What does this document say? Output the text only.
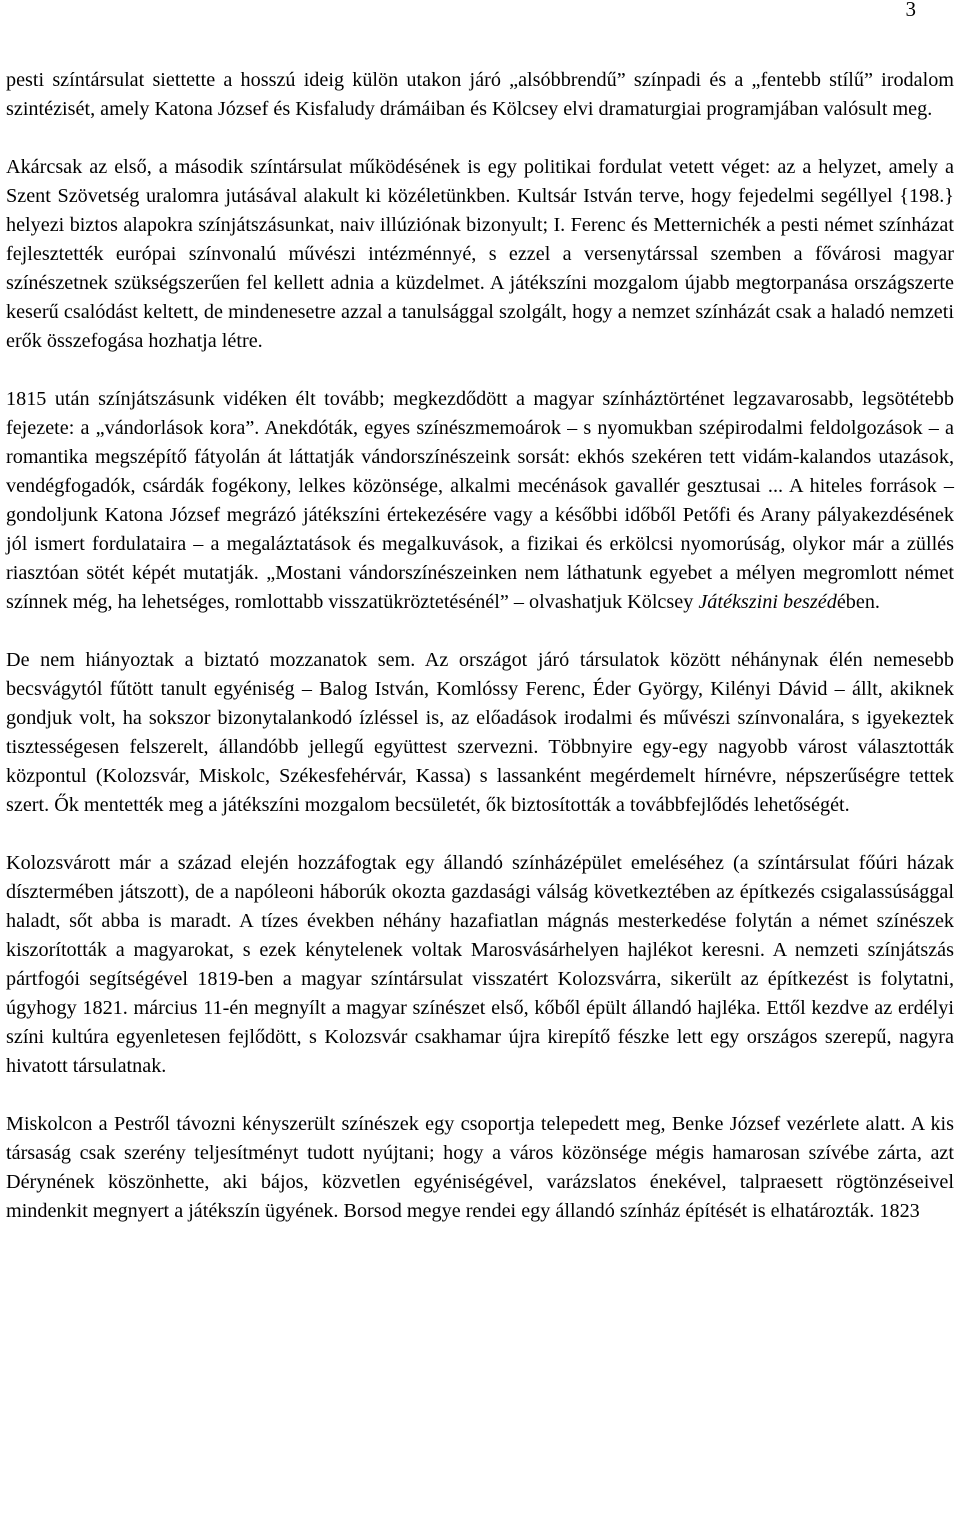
3

pesti színtársulat siettette a hosszú ideig külön utakon járó „alsóbbrendű” színpadi és a „fentebb stílű” irodalom szintézisét, amely Katona József és Kisfaludy drámáiban és Kölcsey elvi dramaturgiai programjában valósult meg.

Akárcsak az első, a második színtársulat működésének is egy politikai fordulat vetett véget: az a helyzet, amely a Szent Szövetség uralomra jutásával alakult ki közéletünkben. Kultsár István terve, hogy fejedelmi segéllyel {198.} helyezi biztos alapokra színjátszásunkat, naiv illúziónak bizonyult; I. Ferenc és Metternichék a pesti német színházat fejlesztették európai színvonalú művészi intézménnyé, s ezzel a versenytárssal szemben a fővárosi magyar színészetnek szükségszerűen fel kellett adnia a küzdelmet. A játékszíni mozgalom újabb megtorpanása országszerte keserű csalódást keltett, de mindenesetre azzal a tanulsággal szolgált, hogy a nemzet színházát csak a haladó nemzeti erők összefogása hozhatja létre.

1815 után színjátszásunk vidéken élt tovább; megkezdődött a magyar színháztörténet legzavarosabb, legsötétebb fejezete: a „vándorlások kora”. Anekdóták, egyes színészmemoárok – s nyomukban szépirodalmi feldolgozások – a romantika megszépítő fátyolán át láttatják vándorszínészeink sorsát: ekhós szekéren tett vidám-kalandos utazások, vendégfogadók, csárdák fogékony, lelkes közönsége, alkalmi mecénások gavallér gesztusai ... A hiteles források – gondoljunk Katona József megrázó játékszíni értekezésére vagy a későbbi időből Petőfi és Arany pályakezdésének jól ismert fordulataira – a megaláztatások és megalkuvások, a fizikai és erkölcsi nyomorúság, olykor már a züllés riasztóan sötét képét mutatják. „Mostani vándorszínészeinken nem láthatunk egyebet a mélyen megromlott német színnek még, ha lehetséges, romlottabb visszatükröztetésénél” – olvashatjuk Kölcsey Játékszini beszédében.

De nem hiányoztak a biztató mozzanatok sem. Az országot járó társulatok között néhánynak élén nemesebb becsvágytól fűtött tanult egyéniség – Balog István, Komlóssy Ferenc, Éder György, Kilényi Dávid – állt, akiknek gondjuk volt, ha sokszor bizonytalankodó ízléssel is, az előadások irodalmi és művészi színvonalára, s igyekeztek tisztességesen felszerelt, állandóbb jellegű együttest szervezni. Többnyire egy-egy nagyobb várost választották központul (Kolozsvár, Miskolc, Székesfehérvár, Kassa) s lassanként megérdemelt hírnévre, népszerűségre tettek szert. Ők mentették meg a játékszíni mozgalom becsületét, ők biztosították a továbbfejlődés lehetőségét.

Kolozsvárott már a század elején hozzáfogtak egy állandó színházépület emeléséhez (a színtársulat főúri házak dísztermében játszott), de a napóleoni háborúk okozta gazdasági válság következtében az építkezés csigalassúsággal haladt, sőt abba is maradt. A tízes években néhány hazafiatlan mágnás mesterkedése folytán a német színészek kiszorították a magyarokat, s ezek kénytelenek voltak Marosvásárhelyen hajlékot keresni. A nemzeti színjátszás pártfogói segítségével 1819-ben a magyar színtársulat visszatért Kolozsvárra, sikerült az építkezést is folytatni, úgyhogy 1821. március 11-én megnyílt a magyar színészet első, kőből épült állandó hajléka. Ettől kezdve az erdélyi színi kultúra egyenletesen fejlődött, s Kolozsvár csakhamar újra kirepítő fészke lett egy országos szerepű, nagyra hivatott társulatnak.

Miskolcon a Pestről távozni kényszerült színészek egy csoportja telepedett meg, Benke József vezérlete alatt. A kis társaság csak szerény teljesítményt tudott nyújtani; hogy a város közönsége mégis hamarosan szívébe zárta, azt Dérynének köszönhette, aki bájos, közvetlen egyéniségével, varázslatos énekével, talpraesett rögtönzéseivel mindenkit megnyert a játékszín ügyének. Borsod megye rendei egy állandó színház építését is elhatározták. 1823
